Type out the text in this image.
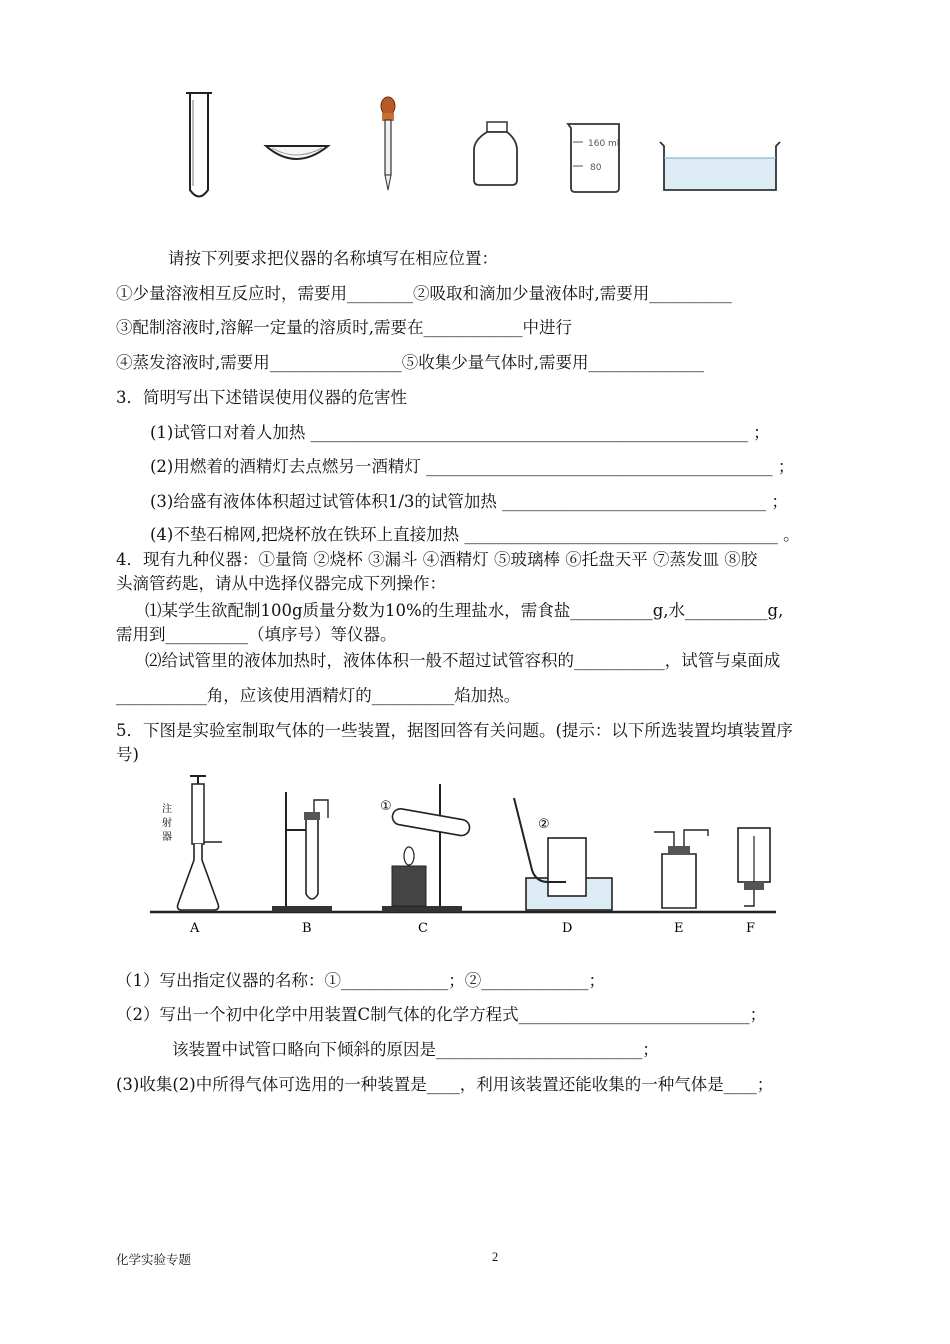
160 ml
80
请按下列要求把仪器的名称填写在相应位置：
①少量溶液相互反应时，需要用________②吸取和滴加少量液体时,需要用__________
③配制溶液时,溶解一定量的溶质时,需要在____________中进行
④蒸发溶液时,需要用________________⑤收集少量气体时,需要用______________
3．简明写出下述错误使用仪器的危害性
(1)试管口对着人加热 _____________________________________________________ ；
(2)用燃着的酒精灯去点燃另一酒精灯 __________________________________________ ；
(3)给盛有液体体积超过试管体积1/3的试管加热 ________________________________ ；
(4)不垫石棉网,把烧杯放在铁环上直接加热 ______________________________________ 。
4．现有九种仪器：①量筒 ②烧杯 ③漏斗 ④酒精灯 ⑤玻璃棒 ⑥托盘天平 ⑦蒸发皿 ⑧胶
头滴管药匙，请从中选择仪器完成下列操作：
⑴某学生欲配制100g质量分数为10%的生理盐水，需食盐__________g,水__________g,
需用到__________（填序号）等仪器。
⑵给试管里的液体加热时，液体体积一般不超过试管容积的___________，试管与桌面成
___________角，应该使用酒精灯的__________焰加热。
5．下图是实验室制取气体的一些装置，据图回答有关问题。(提示：以下所选装置均填装置序
号)
注
射
器
①
②
A	B	C	D	E	F
（1）写出指定仪器的名称：①_____________；②_____________；
（2）写出一个初中化学中用装置C制气体的化学方程式____________________________；
该装置中试管口略向下倾斜的原因是_________________________；
(3)收集(2)中所得气体可选用的一种装置是____，利用该装置还能收集的一种气体是____；
化学实验专题	2
